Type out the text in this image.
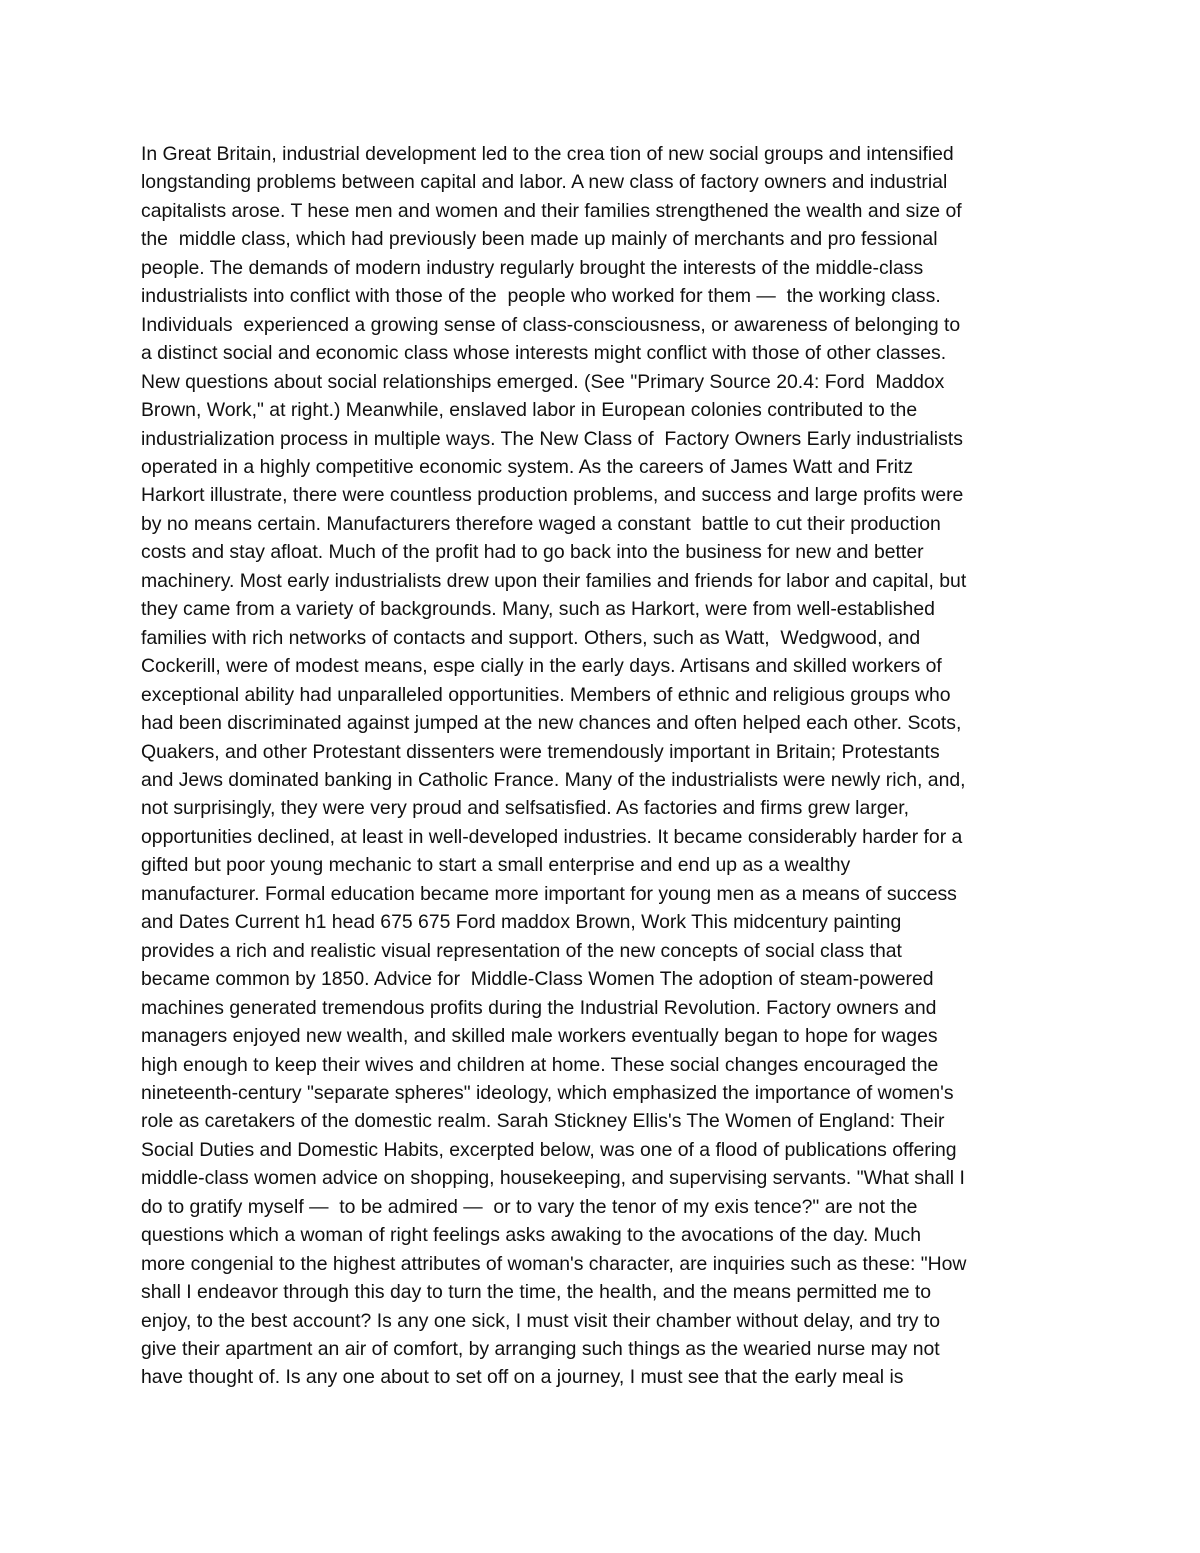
In Great Britain, industrial development led to the crea tion of new social groups and intensified
longstanding problems between capital and labor. A new class of factory owners and industrial
capitalists arose. T hese men and women and their families strengthened the wealth and size of
the  middle class, which had previously been made up mainly of merchants and pro fessional
people. The demands of modern industry regularly brought the interests of the middle-class
industrialists into conflict with those of the  people who worked for them —  the working class.
Individuals  experienced a growing sense of class-consciousness, or awareness of belonging to
a distinct social and economic class whose interests might conflict with those of other classes.
New questions about social relationships emerged. (See "Primary Source 20.4: Ford  Maddox
Brown, Work," at right.) Meanwhile, enslaved labor in European colonies contributed to the
industrialization process in multiple ways. The New Class of  Factory Owners Early industrialists
operated in a highly competitive economic system. As the careers of James Watt and Fritz
Harkort illustrate, there were countless production problems, and success and large profits were
by no means certain. Manufacturers therefore waged a constant  battle to cut their production
costs and stay afloat. Much of the profit had to go back into the business for new and better
machinery. Most early industrialists drew upon their families and friends for labor and capital, but
they came from a variety of backgrounds. Many, such as Harkort, were from well-established
families with rich networks of contacts and support. Others, such as Watt,  Wedgwood, and
Cockerill, were of modest means, espe cially in the early days. Artisans and skilled workers of
exceptional ability had unparalleled opportunities. Members of ethnic and religious groups who
had been discriminated against jumped at the new chances and often helped each other. Scots,
Quakers, and other Protestant dissenters were tremendously important in Britain; Protestants
and Jews dominated banking in Catholic France. Many of the industrialists were newly rich, and,
not surprisingly, they were very proud and selfsatisfied. As factories and firms grew larger,
opportunities declined, at least in well-developed industries. It became considerably harder for a
gifted but poor young mechanic to start a small enterprise and end up as a wealthy
manufacturer. Formal education became more important for young men as a means of success
and Dates Current h1 head 675 675 Ford maddox Brown, Work This midcentury painting
provides a rich and realistic visual representation of the new concepts of social class that
became common by 1850. Advice for  Middle-Class Women The adoption of steam-powered
machines generated tremendous profits during the Industrial Revolution. Factory owners and
managers enjoyed new wealth, and skilled male workers eventually began to hope for wages
high enough to keep their wives and children at home. These social changes encouraged the
nineteenth-century "separate spheres" ideology, which emphasized the importance of women's
role as caretakers of the domestic realm. Sarah Stickney Ellis's The Women of England: Their
Social Duties and Domestic Habits, excerpted below, was one of a flood of publications offering
middle-class women advice on shopping, housekeeping, and supervising servants. "What shall I
do to gratify myself —  to be admired —  or to vary the tenor of my exis tence?" are not the
questions which a woman of right feelings asks awaking to the avocations of the day. Much
more congenial to the highest attributes of woman's character, are inquiries such as these: "How
shall I endeavor through this day to turn the time, the health, and the means permitted me to
enjoy, to the best account? Is any one sick, I must visit their chamber without delay, and try to
give their apartment an air of comfort, by arranging such things as the wearied nurse may not
have thought of. Is any one about to set off on a journey, I must see that the early meal is
